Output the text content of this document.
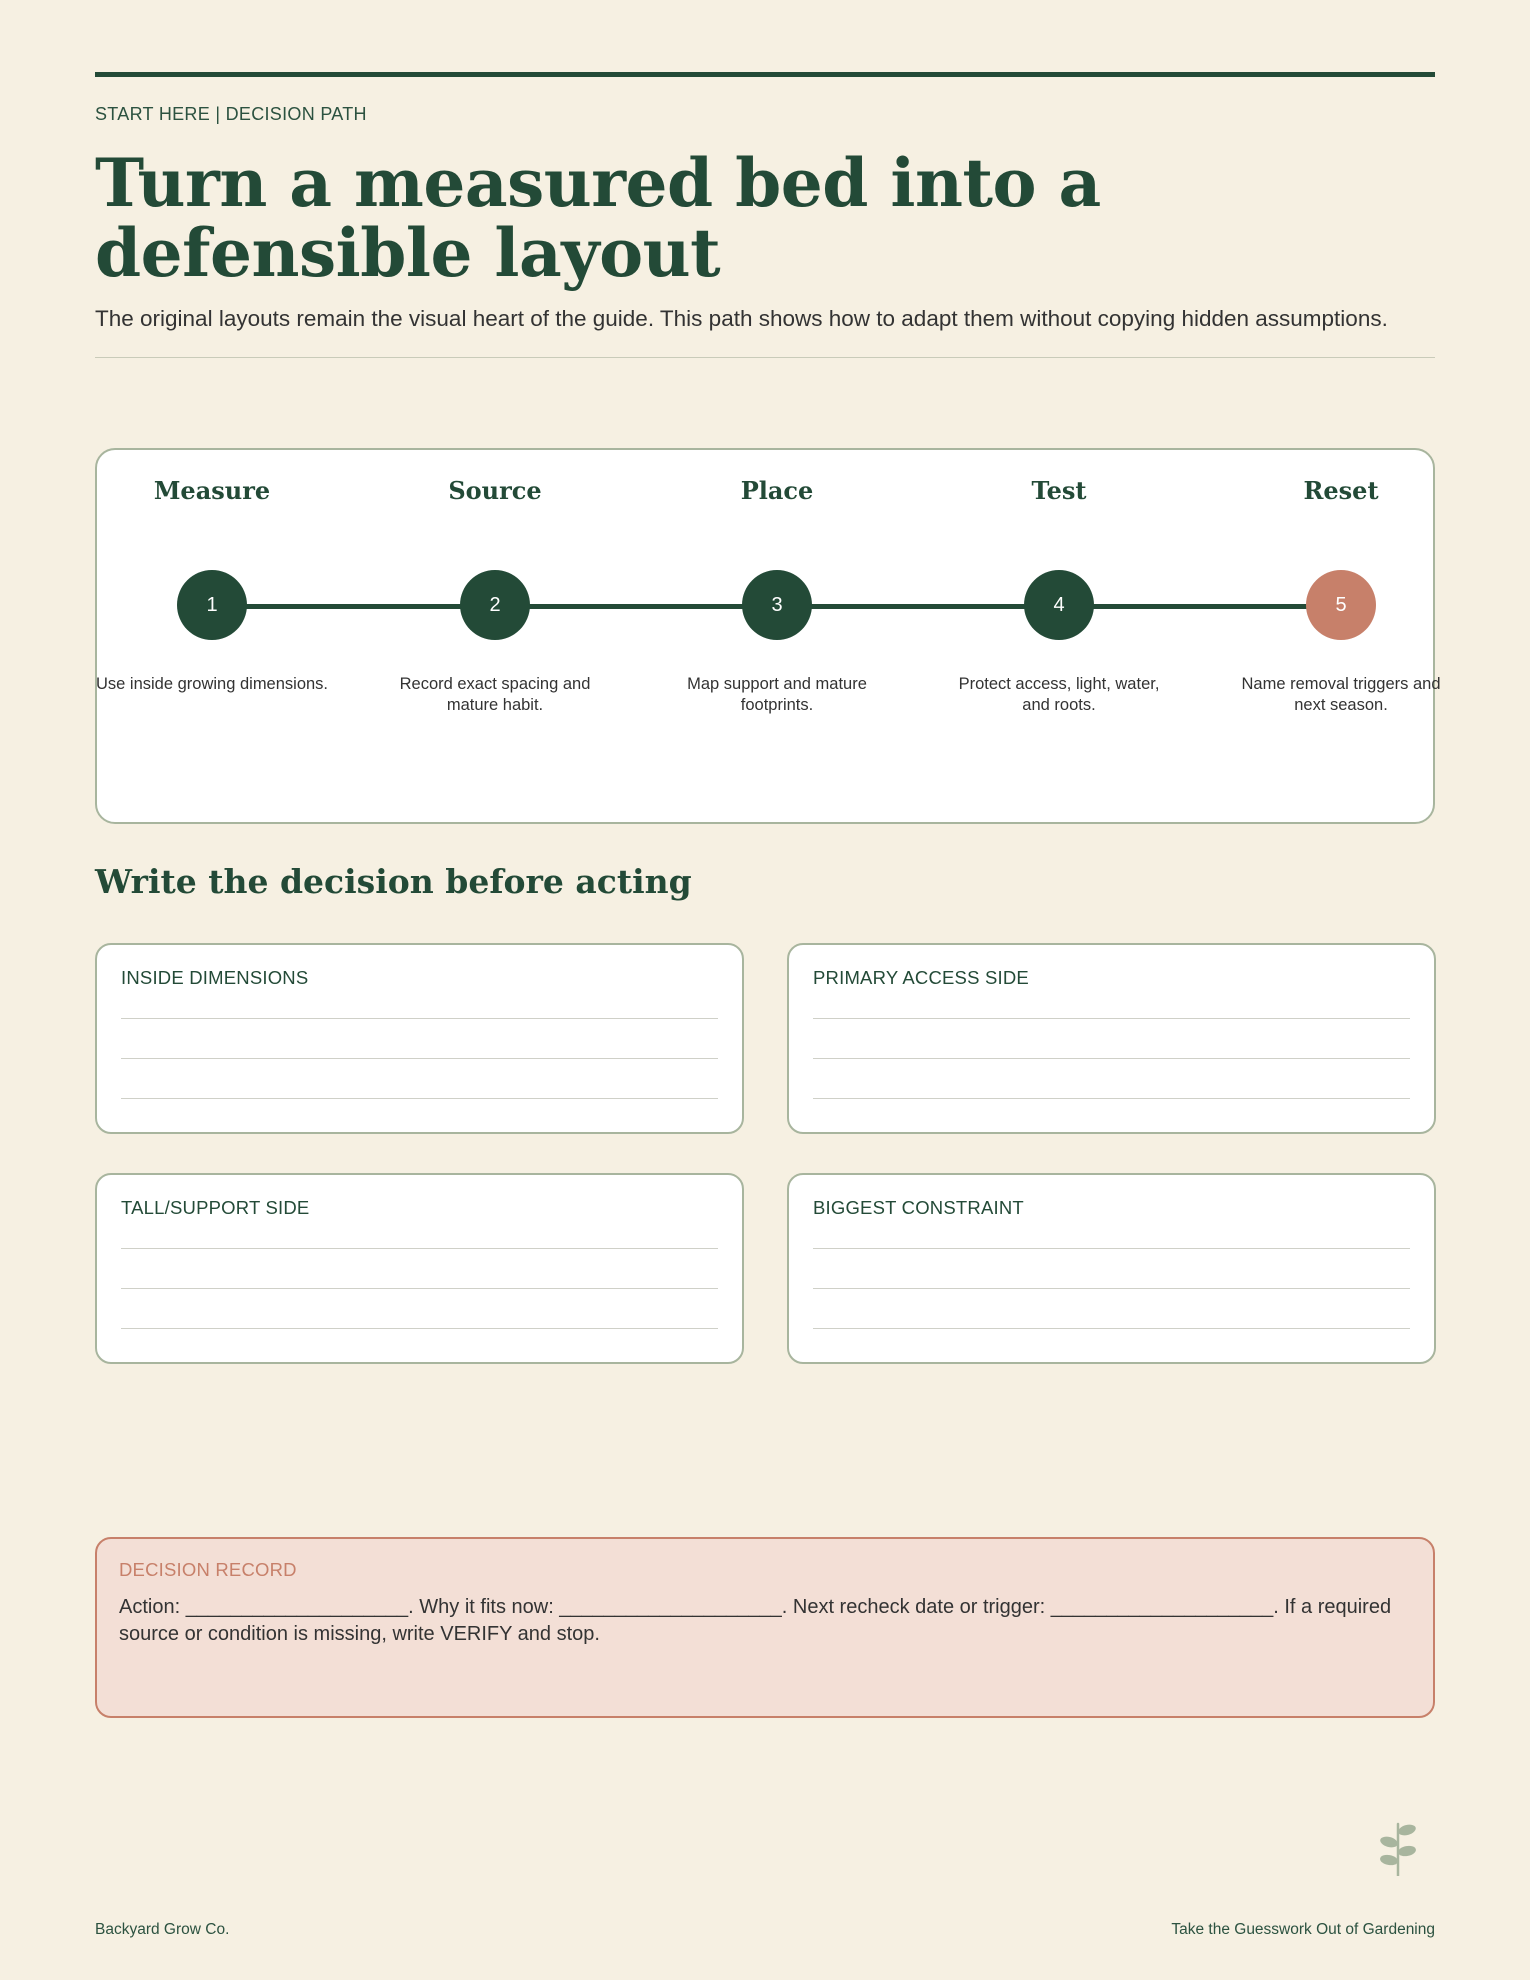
START HERE | DECISION PATH
Turn a measured bed into a defensible layout

The original layouts remain the visual heart of the guide. This path shows how to adapt them without copying hidden assumptions.

Measure
1
Use inside growing dimensions.
Source
2
Record exact spacing and mature habit.
Place
3
Map support and mature footprints.
Test
4
Protect access, light, water, and roots.
Reset
5
Name removal triggers and next season.
Write the decision before acting
INSIDE DIMENSIONS	PRIMARY ACCESS SIDE
TALL/SUPPORT SIDE	BIGGEST CONSTRAINT
DECISION RECORD

Action: ____________________. Why it fits now: ____________________. Next recheck date or trigger: ____________________. If a required source or condition is missing, write VERIFY and stop.

Backyard Grow Co.	Take the Guesswork Out of Gardening
